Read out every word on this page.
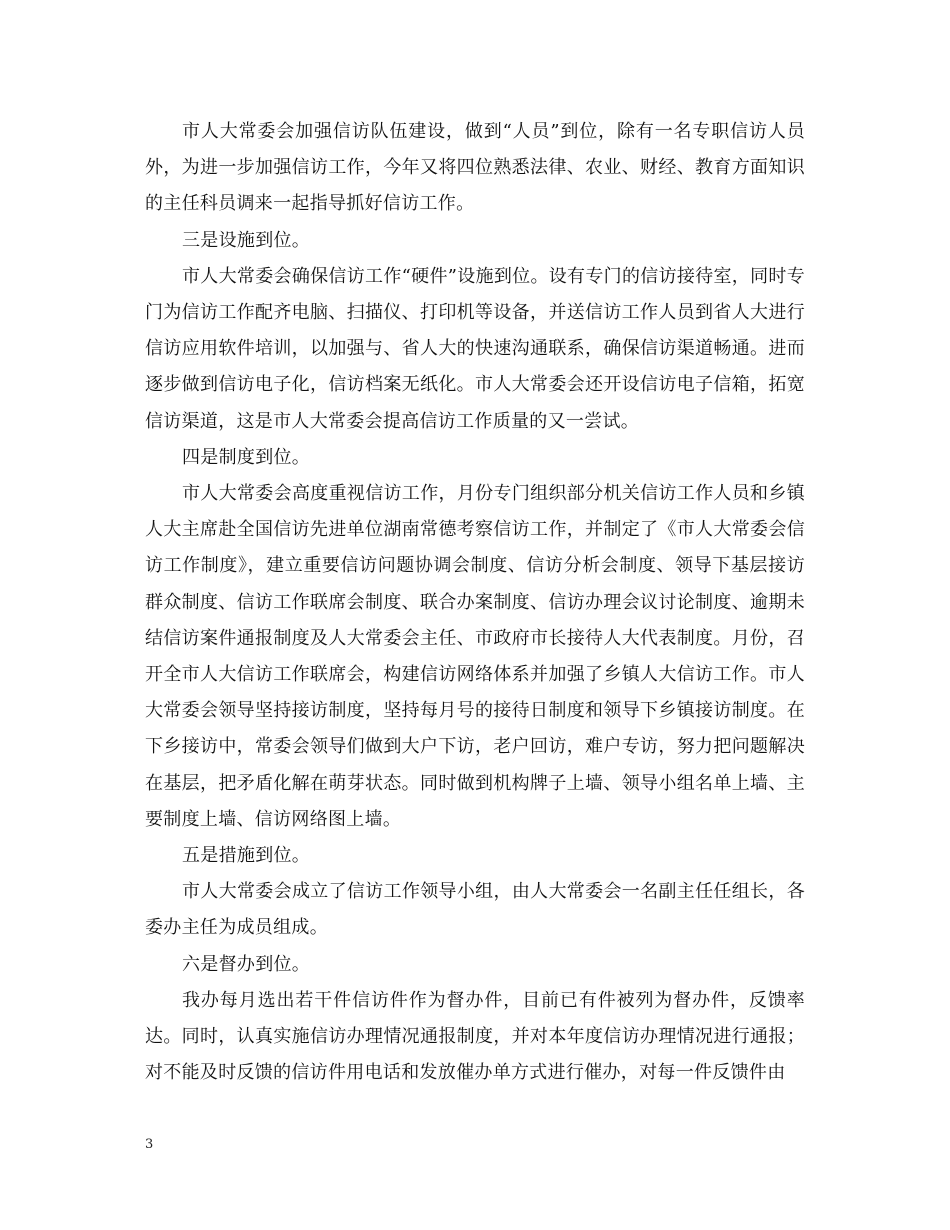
市人大常委会加强信访队伍建设，做到“人员”到位，除有一名专职信访人员外，为进一步加强信访工作，今年又将四位熟悉法律、农业、财经、教育方面知识的主任科员调来一起指导抓好信访工作。

三是设施到位。

市人大常委会确保信访工作“硬件”设施到位。设有专门的信访接待室，同时专门为信访工作配齐电脑、扫描仪、打印机等设备，并送信访工作人员到省人大进行信访应用软件培训，以加强与、省人大的快速沟通联系，确保信访渠道畅通。进而逐步做到信访电子化，信访档案无纸化。市人大常委会还开设信访电子信箱，拓宽信访渠道，这是市人大常委会提高信访工作质量的又一尝试。

四是制度到位。

市人大常委会高度重视信访工作，月份专门组织部分机关信访工作人员和乡镇人大主席赴全国信访先进单位湖南常德考察信访工作，并制定了《市人大常委会信访工作制度》，建立重要信访问题协调会制度、信访分析会制度、领导下基层接访群众制度、信访工作联席会制度、联合办案制度、信访办理会议讨论制度、逾期未结信访案件通报制度及人大常委会主任、市政府市长接待人大代表制度。月份，召开全市人大信访工作联席会，构建信访网络体系并加强了乡镇人大信访工作。市人大常委会领导坚持接访制度，坚持每月号的接待日制度和领导下乡镇接访制度。在下乡接访中，常委会领导们做到大户下访，老户回访，难户专访，努力把问题解决在基层，把矛盾化解在萌芽状态。同时做到机构牌子上墙、领导小组名单上墙、主要制度上墙、信访网络图上墙。

五是措施到位。

市人大常委会成立了信访工作领导小组，由人大常委会一名副主任任组长，各委办主任为成员组成。

六是督办到位。

我办每月选出若干件信访件作为督办件，目前已有件被列为督办件，反馈率达。同时，认真实施信访办理情况通报制度，并对本年度信访办理情况进行通报；对不能及时反馈的信访件用电话和发放催办单方式进行催办，对每一件反馈件由

3
